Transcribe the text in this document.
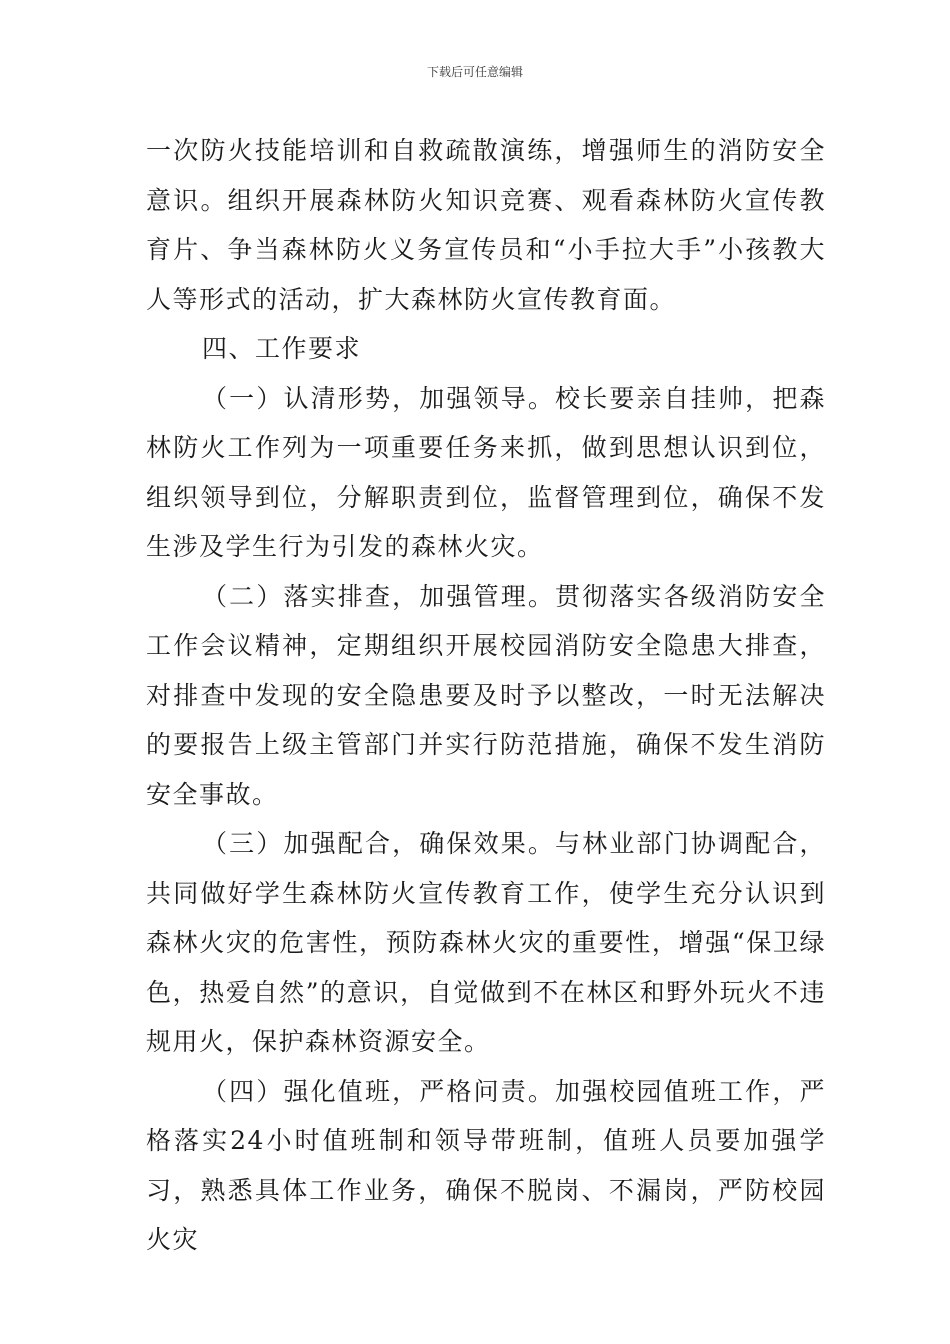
下载后可任意编辑

一次防火技能培训和自救疏散演练，增强师生的消防安全意识。组织开展森林防火知识竞赛、观看森林防火宣传教育片、争当森林防火义务宣传员和“小手拉大手”小孩教大人等形式的活动，扩大森林防火宣传教育面。

四、工作要求

（一）认清形势，加强领导。校长要亲自挂帅，把森林防火工作列为一项重要任务来抓，做到思想认识到位，组织领导到位，分解职责到位，监督管理到位，确保不发生涉及学生行为引发的森林火灾。

（二）落实排查，加强管理。贯彻落实各级消防安全工作会议精神，定期组织开展校园消防安全隐患大排查，对排查中发现的安全隐患要及时予以整改，一时无法解决的要报告上级主管部门并实行防范措施，确保不发生消防安全事故。

（三）加强配合，确保效果。与林业部门协调配合，共同做好学生森林防火宣传教育工作，使学生充分认识到森林火灾的危害性，预防森林火灾的重要性，增强“保卫绿色，热爱自然”的意识，自觉做到不在林区和野外玩火不违规用火，保护森林资源安全。

（四）强化值班，严格问责。加强校园值班工作，严格落实24小时值班制和领导带班制，值班人员要加强学习，熟悉具体工作业务，确保不脱岗、不漏岗，严防校园火灾
